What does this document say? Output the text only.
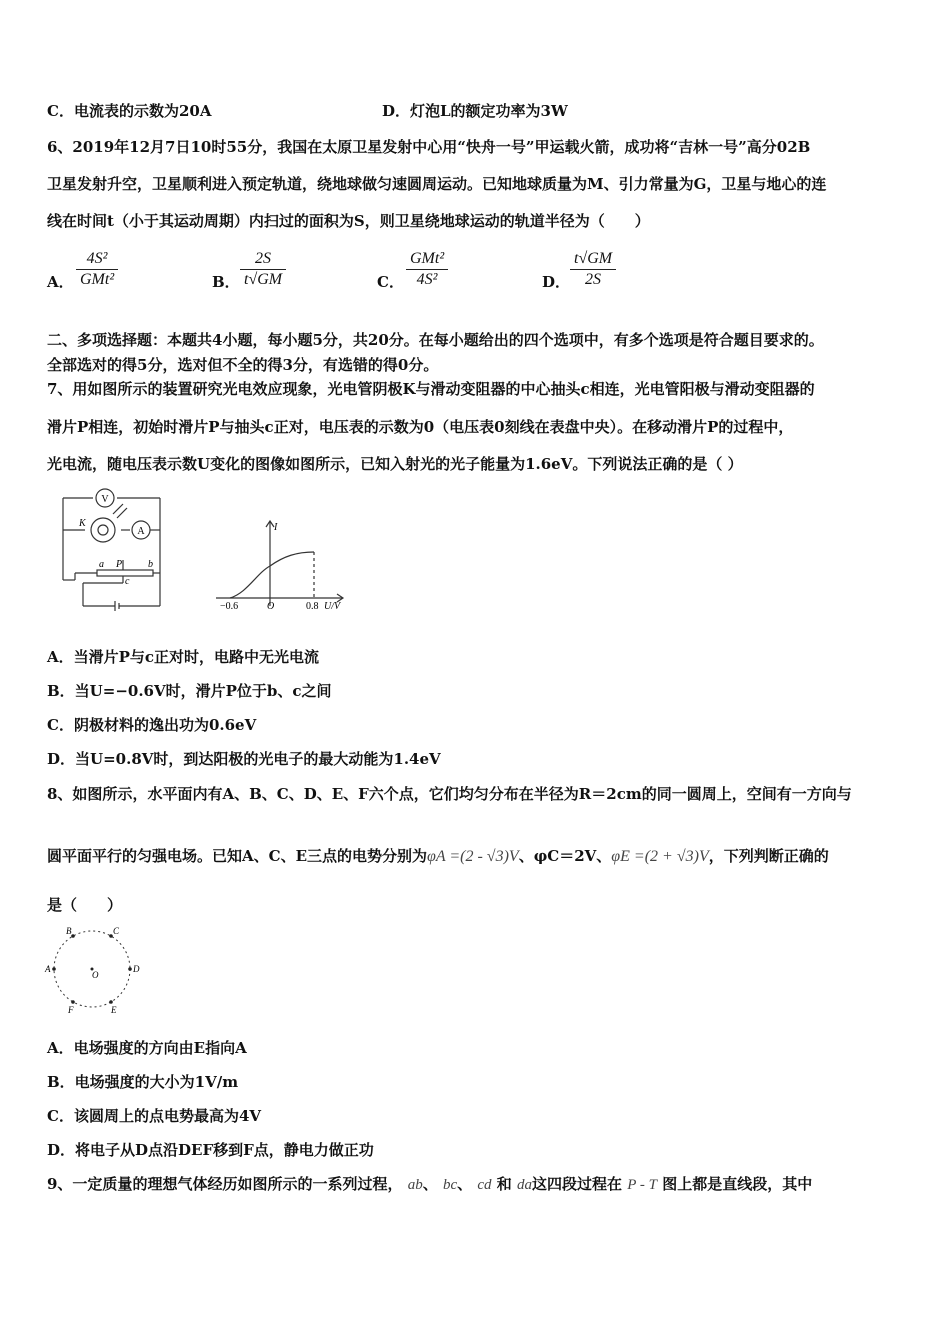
C．电流表的示数为20A	D．灯泡L的额定功率为3W
6、2019年12月7日10时55分，我国在太原卫星发射中心用“快舟一号”甲运载火箭，成功将“吉林一号”高分02B
卫星发射升空，卫星顺利进入预定轨道，绕地球做匀速圆周运动。已知地球质量为M、引力常量为G，卫星与地心的连
线在时间t（小于其运动周期）内扫过的面积为S，则卫星绕地球运动的轨道半径为（　　）
A．
4S²
GMt²	B．
2S
t√GM	C．
GMt²
4S²	D．
t√GM
2S
二、多项选择题：本题共4小题，每小题5分，共20分。在每小题给出的四个选项中，有多个选项是符合题目要求的。
全部选对的得5分，选对但不全的得3分，有选错的得0分。
7、用如图所示的装置研究光电效应现象，光电管阴极K与滑动变阻器的中心抽头c相连，光电管阳极与滑动变阻器的
滑片P相连，初始时滑片P与抽头c正对，电压表的示数为0（电压表0刻线在表盘中央）。在移动滑片P的过程中，
光电流，随电压表示数U变化的图像如图所示，已知入射光的光子能量为1.6eV。下列说法正确的是（ ）
V
A
K
P
a	b
c
I
U/V
O
−0.6	0.8
A．当滑片P与c正对时，电路中无光电流
B．当U=−0.6V时，滑片P位于b、c之间
C．阴极材料的逸出功为0.6eV
D．当U=0.8V时，到达阳极的光电子的最大动能为1.4eV
8、如图所示，水平面内有A、B、C、D、E、F六个点，它们均匀分布在半径为R＝2cm的同一圆周上，空间有一方向与
圆平面平行的匀强电场。已知A、C、E三点的电势分别为φA =(2 - √3)V、φC＝2V、φE =(2 + √3)V，下列判断正确的
是（　　）
A
B	C
D
E
F
O
A．电场强度的方向由E指向A
B．电场强度的大小为1V/m
C．该圆周上的点电势最高为4V
D．将电子从D点沿DEF移到F点，静电力做正功
9、一定质量的理想气体经历如图所示的一系列过程， ab、 bc、 cd 和 da这四段过程在 P - T 图上都是直线段，其中
